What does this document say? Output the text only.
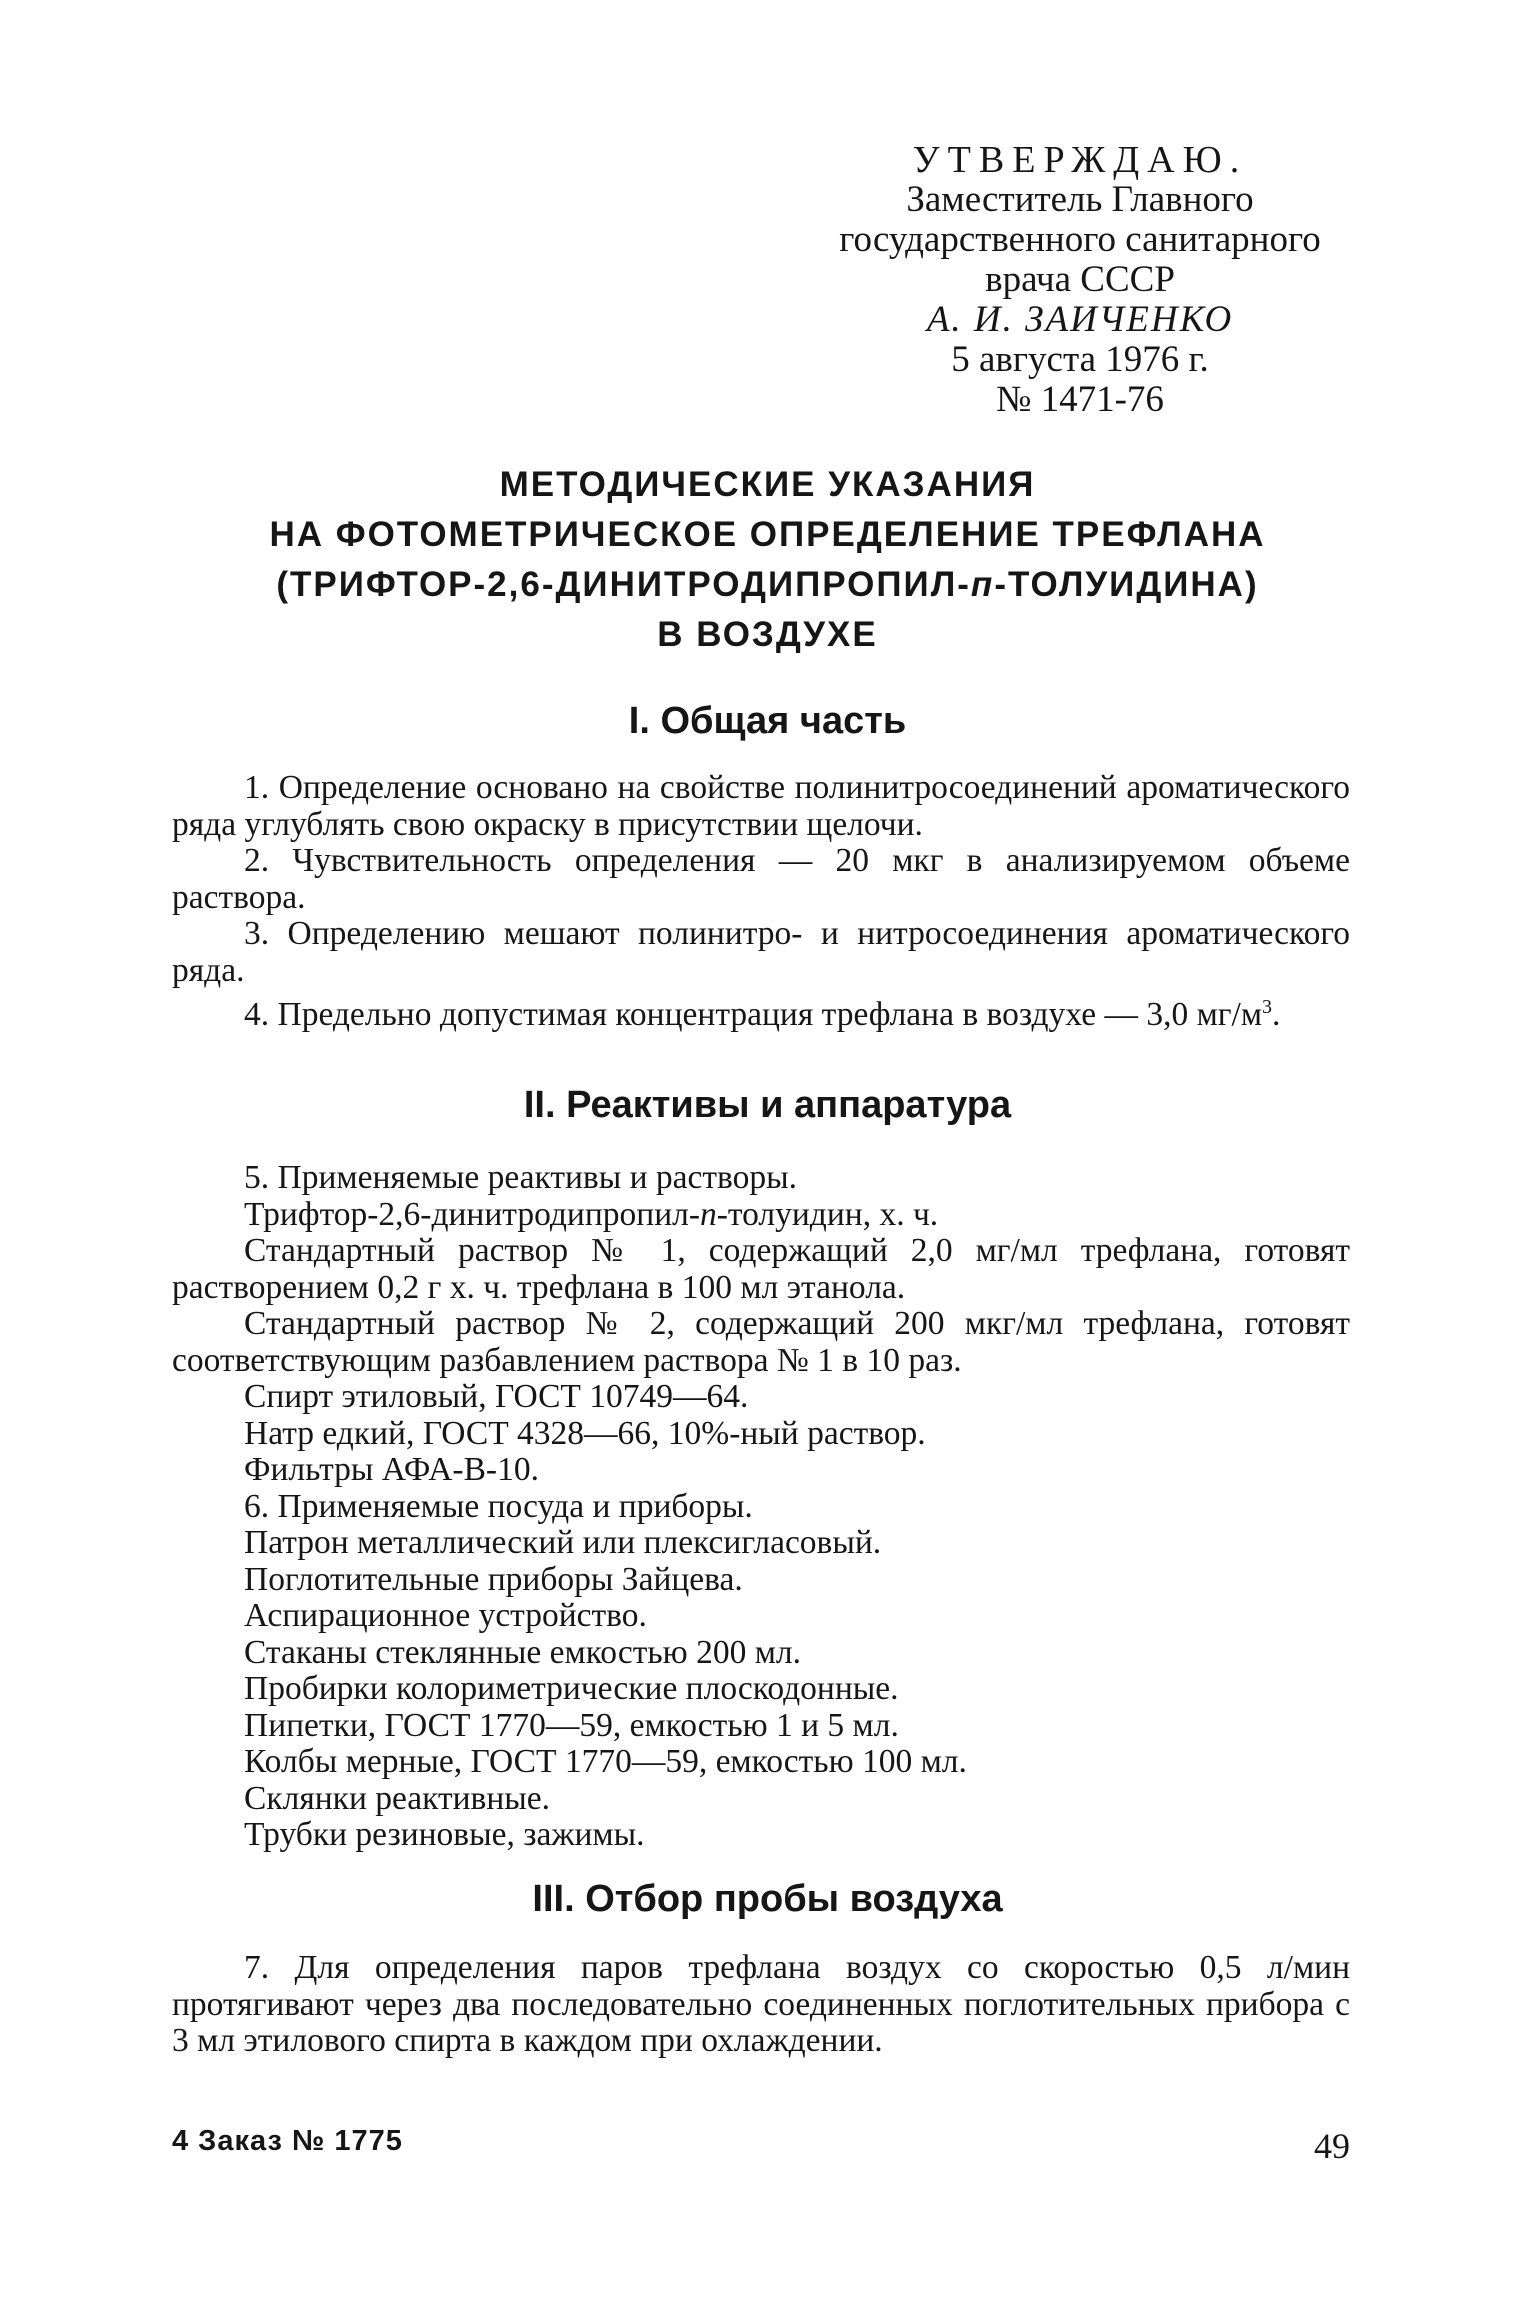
УТВЕРЖДАЮ.
Заместитель Главного
государственного санитарного
врача СССР
А. И. ЗАИЧЕНКО
5 августа 1976 г.
№ 1471-76
МЕТОДИЧЕСКИЕ УКАЗАНИЯ
НА ФОТОМЕТРИЧЕСКОЕ ОПРЕДЕЛЕНИЕ ТРЕФЛАНА
(ТРИФТОР-2,6-ДИНИТРОДИПРОПИЛ-п-ТОЛУИДИНА)
В ВОЗДУХЕ
I. Общая часть

1. Определение основано на свойстве полинитросоединений ароматического ряда углублять свою окраску в присутствии щелочи.

2. Чувствительность определения — 20 мкг в анализируемом объеме раствора.

3. Определению мешают полинитро- и нитросоединения ароматического ряда.

4. Предельно допустимая концентрация трефлана в воздухе — 3,0 $мг/м^3$.

II. Реактивы и аппаратура

5. Применяемые реактивы и растворы.

Трифтор-2,6-динитродипропил-п-толуидин, х. ч.

Стандартный раствор № 1, содержащий 2,0 мг/мл трефлана, готовят растворением 0,2 г х. ч. трефлана в 100 мл этанола.

Стандартный раствор № 2, содержащий 200 мкг/мл трефлана, готовят соответствующим разбавлением раствора № 1 в 10 раз.

Спирт этиловый, ГОСТ 10749—64.

Натр едкий, ГОСТ 4328—66, 10%-ный раствор.

Фильтры АФА-В-10.

6. Применяемые посуда и приборы.

Патрон металлический или плексигласовый.

Поглотительные приборы Зайцева.

Аспирационное устройство.

Стаканы стеклянные емкостью 200 мл.

Пробирки колориметрические плоскодонные.

Пипетки, ГОСТ 1770—59, емкостью 1 и 5 мл.

Колбы мерные, ГОСТ 1770—59, емкостью 100 мл.

Склянки реактивные.

Трубки резиновые, зажимы.

III. Отбор пробы воздуха

7. Для определения паров трефлана воздух со скоростью 0,5 л/мин протягивают через два последовательно соединенных поглотительных прибора с 3 мл этилового спирта в каждом при охлаждении.

4 Заказ № 1775	49
